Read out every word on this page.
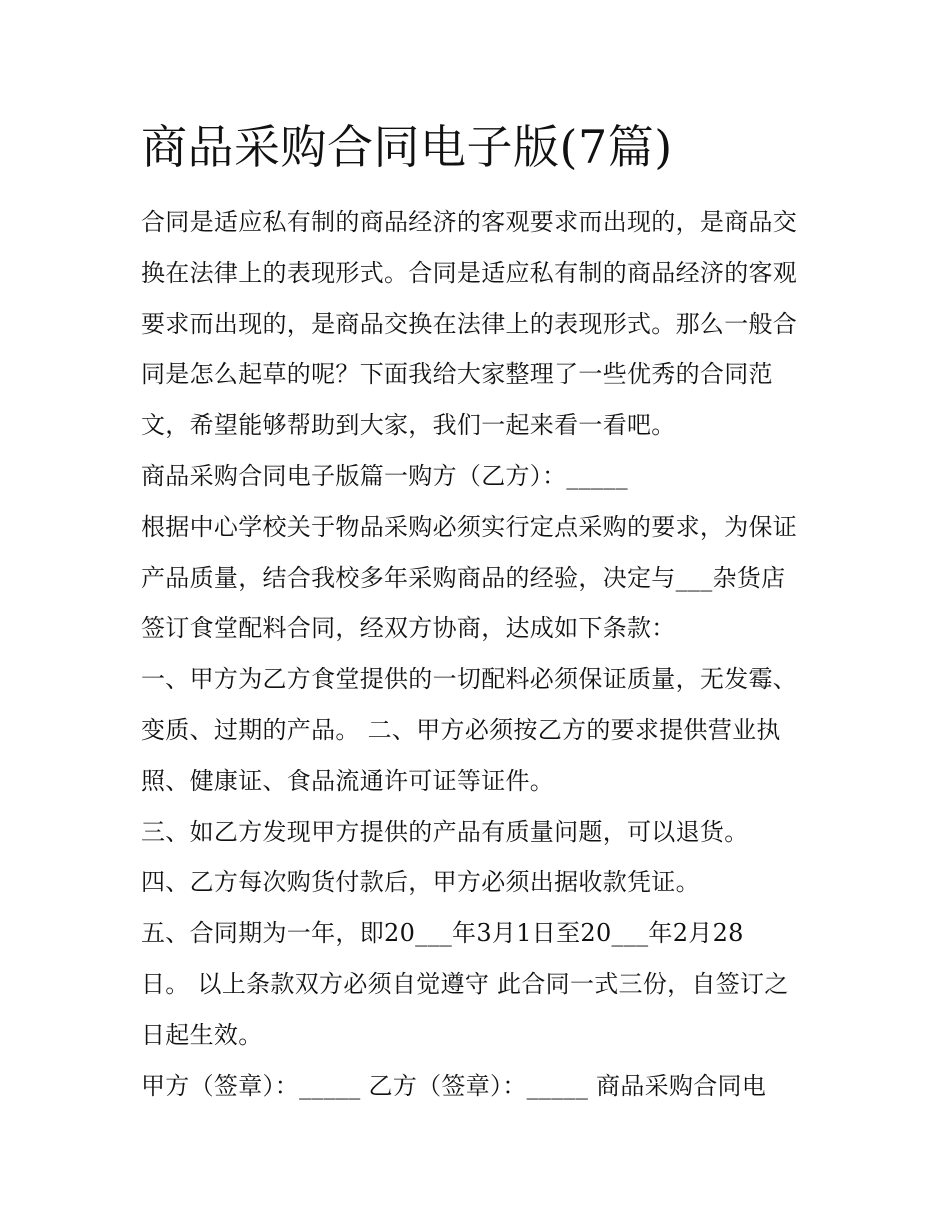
商品采购合同电子版(7篇)
合同是适应私有制的商品经济的客观要求而出现的，是商品交
换在法律上的表现形式。合同是适应私有制的商品经济的客观
要求而出现的，是商品交换在法律上的表现形式。那么一般合
同是怎么起草的呢？下面我给大家整理了一些优秀的合同范
文，希望能够帮助到大家，我们一起来看一看吧。
商品采购合同电子版篇一购方（乙方）：_____
根据中心学校关于物品采购必须实行定点采购的要求，为保证
产品质量，结合我校多年采购商品的经验，决定与___杂货店
签订食堂配料合同，经双方协商，达成如下条款：
一、甲方为乙方食堂提供的一切配料必须保证质量，无发霉、
变质、过期的产品。 二、甲方必须按乙方的要求提供营业执
照、健康证、食品流通许可证等证件。
三、如乙方发现甲方提供的产品有质量问题，可以退货。
四、乙方每次购货付款后，甲方必须出据收款凭证。
五、合同期为一年，即20___年3月1日至20___年2月28
日。 以上条款双方必须自觉遵守 此合同一式三份，自签订之
日起生效。
甲方（签章）：_____ 乙方（签章）：_____ 商品采购合同电
